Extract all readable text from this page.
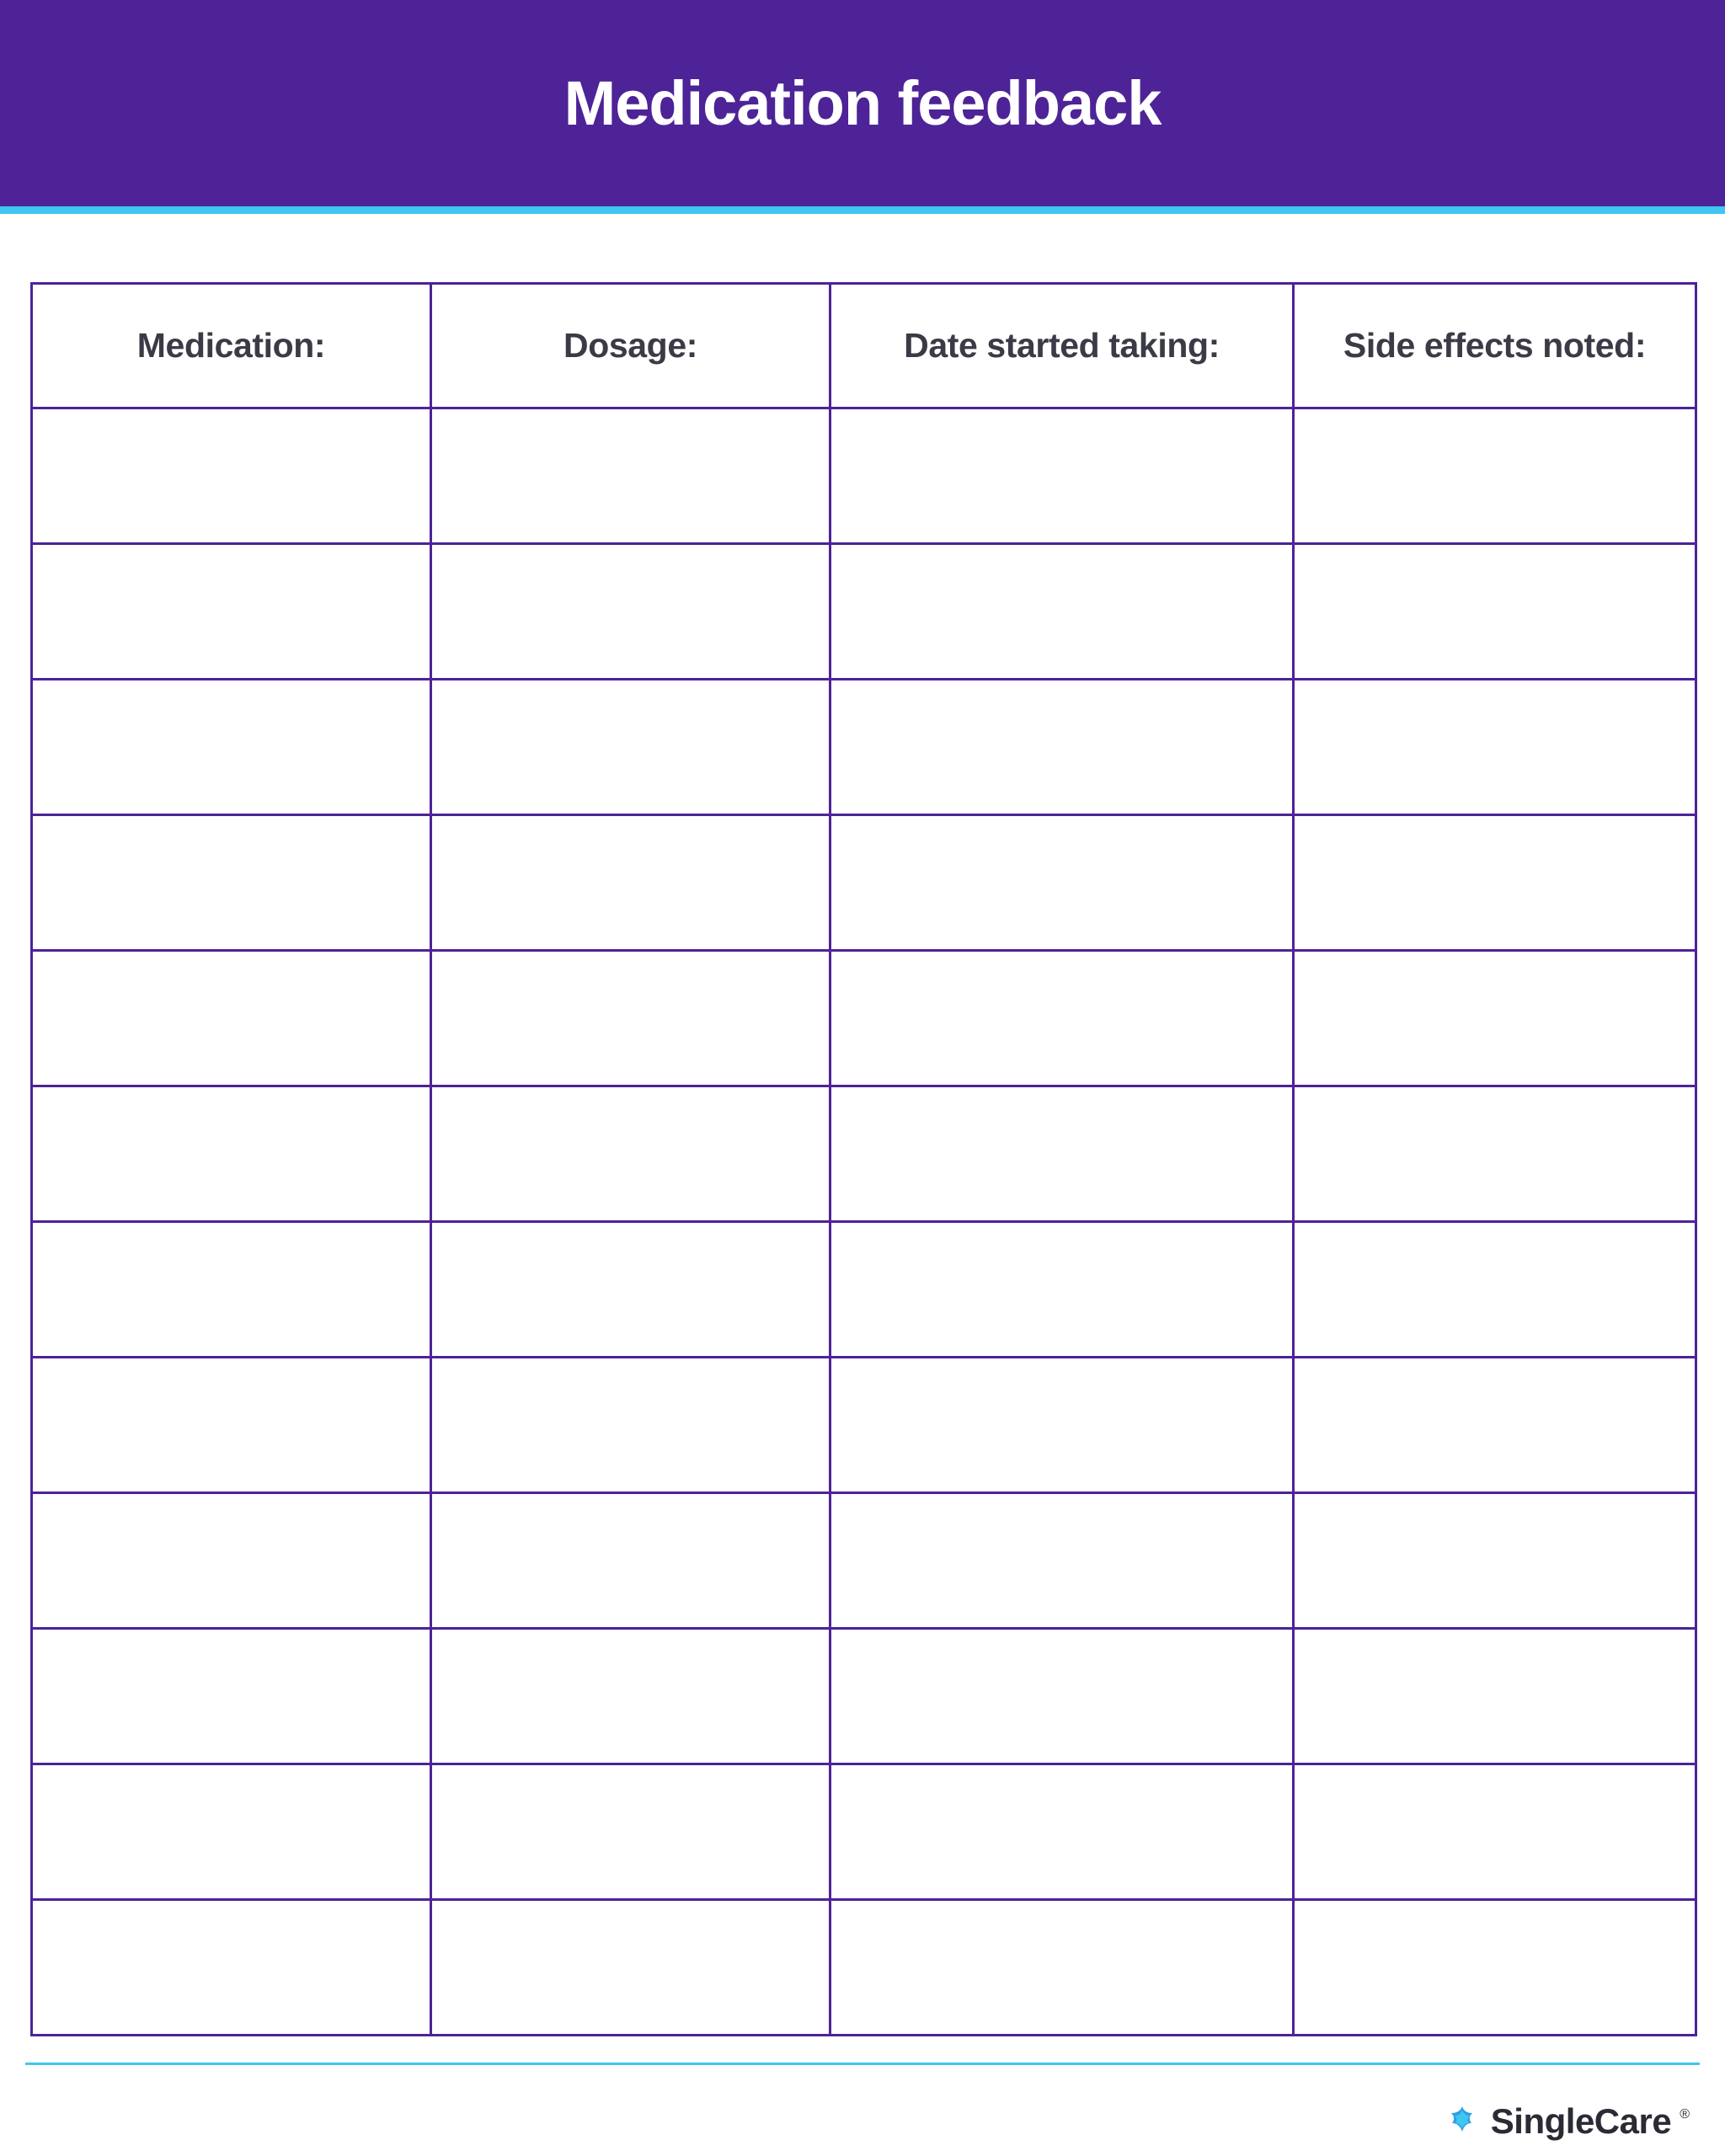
Medication feedback
Medication:	Dosage:	Date started taking:	Side effects noted:

SingleCare ®
